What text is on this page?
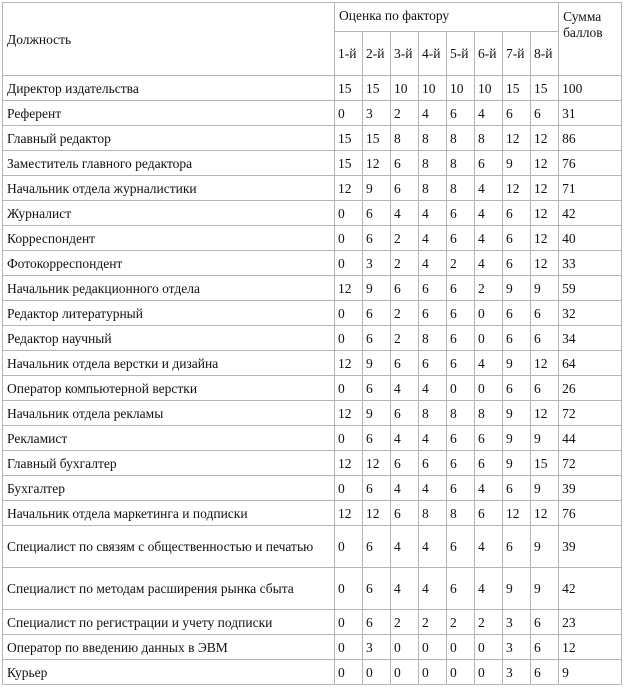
Должность	Оценка по фактору								Сумма баллов
	1-й	2-й	3-й	4-й	5-й	6-й	7-й	8-й	
Директор издательства	15	15	10	10	10	10	15	15	100
Референт	0	3	2	4	6	4	6	6	31
Главный редактор	15	15	8	8	8	8	12	12	86
Заместитель главного редактора	15	12	6	8	8	6	9	12	76
Начальник отдела журналистики	12	9	6	8	8	4	12	12	71
Журналист	0	6	4	4	6	4	6	12	42
Корреспондент	0	6	2	4	6	4	6	12	40
Фотокорреспондент	0	3	2	4	2	4	6	12	33
Начальник редакционного отдела	12	9	6	6	6	2	9	9	59
Редактор литературный	0	6	2	6	6	0	6	6	32
Редактор научный	0	6	2	8	6	0	6	6	34
Начальник отдела верстки и дизайна	12	9	6	6	6	4	9	12	64
Оператор компьютерной верстки	0	6	4	4	0	0	6	6	26
Начальник отдела рекламы	12	9	6	8	8	8	9	12	72
Рекламист	0	6	4	4	6	6	9	9	44
Главный бухгалтер	12	12	6	6	6	6	9	15	72
Бухгалтер	0	6	4	4	6	4	6	9	39
Начальник отдела маркетинга и подписки	12	12	6	8	8	6	12	12	76
Специалист по связям с общественностью и печатью	0	6	4	4	6	4	6	9	39
Специалист по методам расширения рынка сбыта	0	6	4	4	6	4	9	9	42
Специалист по регистрации и учету подписки	0	6	2	2	2	2	3	6	23
Оператор по введению данных в ЭВМ	0	3	0	0	0	0	3	6	12
Курьер	0	0	0	0	0	0	3	6	9
